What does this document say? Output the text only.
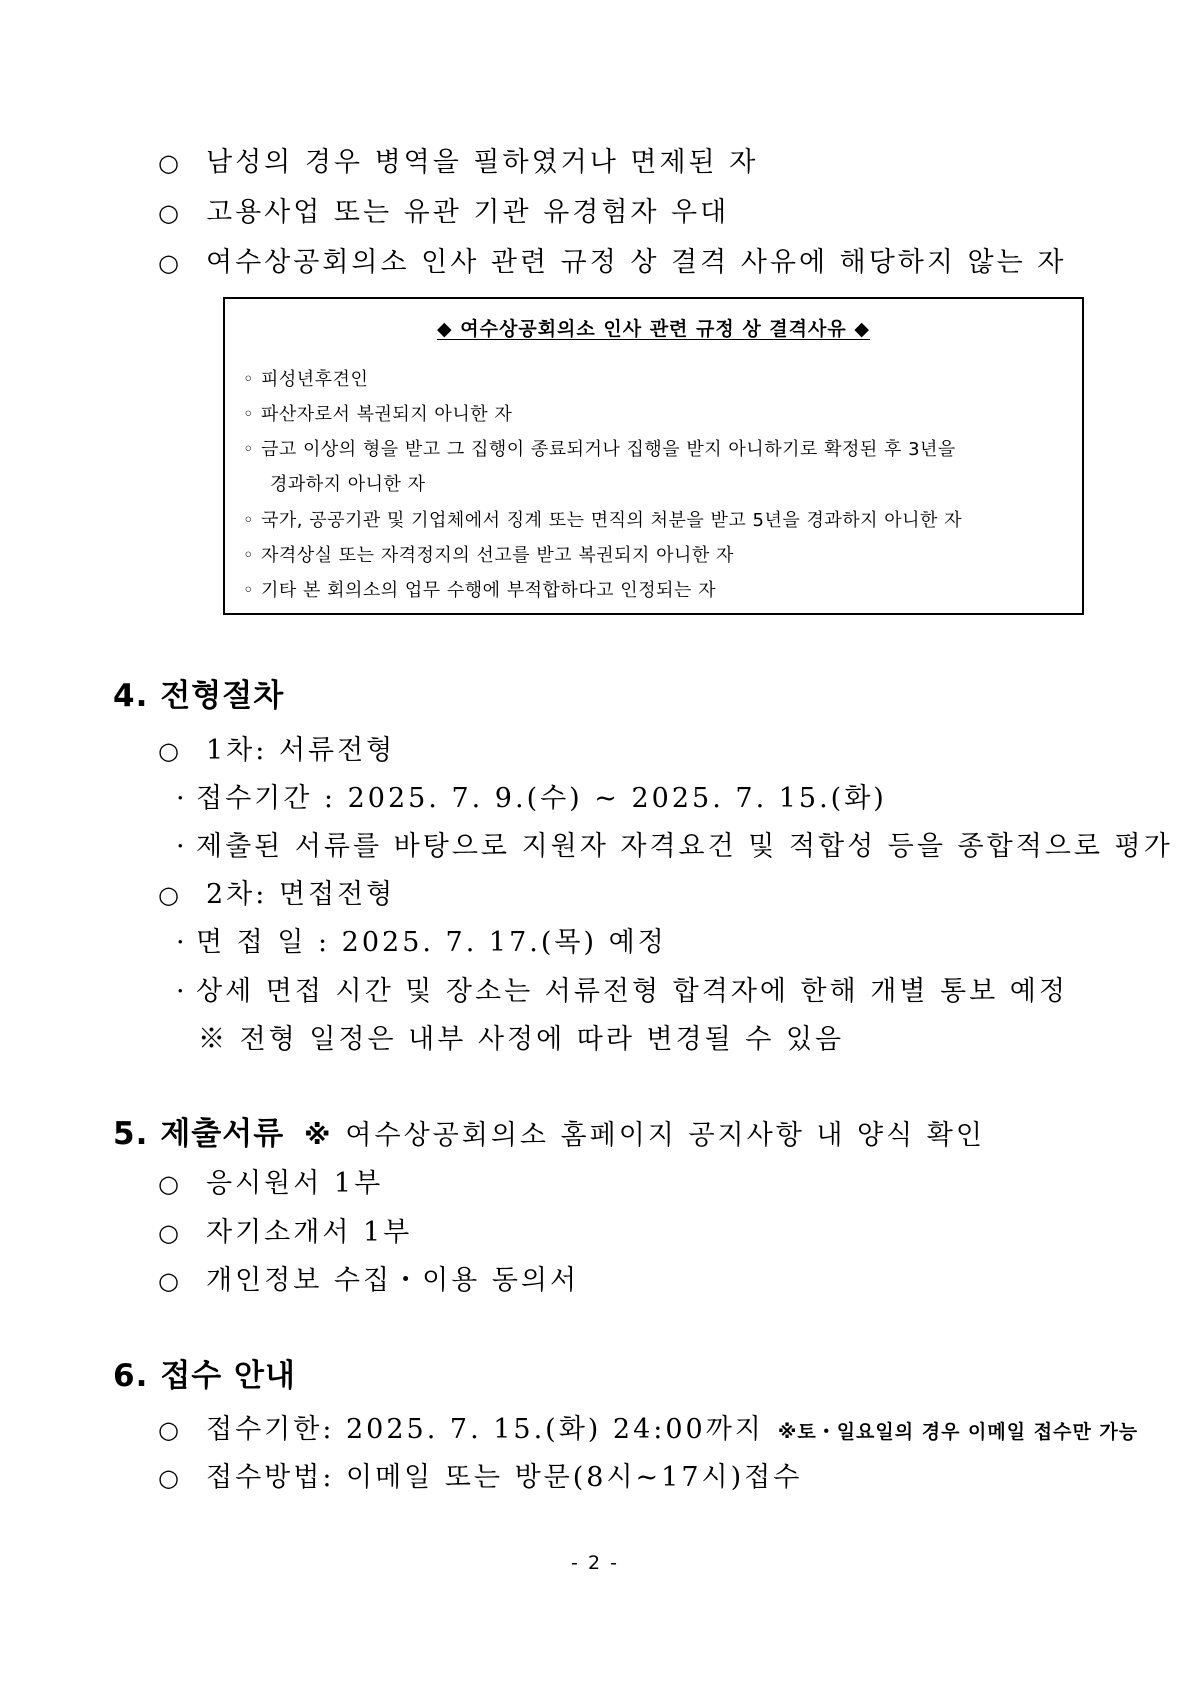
○ 남성의 경우 병역을 필하였거나 면제된 자
○ 고용사업 또는 유관 기관 유경험자 우대
○ 여수상공회의소 인사 관련 규정 상 결격 사유에 해당하지 않는 자
◆ 여수상공회의소 인사 관련 규정 상 결격사유 ◆
◦ 피성년후견인
◦ 파산자로서 복권되지 아니한 자
◦ 금고 이상의 형을 받고 그 집행이 종료되거나 집행을 받지 아니하기로 확정된 후 3년을
경과하지 아니한 자
◦ 국가, 공공기관 및 기업체에서 징계 또는 면직의 처분을 받고 5년을 경과하지 아니한 자
◦ 자격상실 또는 자격정지의 선고를 받고 복권되지 아니한 자
◦ 기타 본 회의소의 업무 수행에 부적합하다고 인정되는 자
4. 전형절차
○ 1차: 서류전형
· 접수기간 : 2025. 7. 9.(수) ~ 2025. 7. 15.(화)
· 제출된 서류를 바탕으로 지원자 자격요건 및 적합성 등을 종합적으로 평가
○ 2차: 면접전형
· 면 접 일 : 2025. 7. 17.(목) 예정
· 상세 면접 시간 및 장소는 서류전형 합격자에 한해 개별 통보 예정
※ 전형 일정은 내부 사정에 따라 변경될 수 있음
5. 제출서류 ※ 여수상공회의소 홈페이지 공지사항 내 양식 확인
○ 응시원서 1부
○ 자기소개서 1부
○ 개인정보 수집・이용 동의서
6. 접수 안내
○ 접수기한: 2025. 7. 15.(화) 24:00까지 ※토・일요일의 경우 이메일 접수만 가능
○ 접수방법: 이메일 또는 방문(8시~17시)접수
- 2 -
